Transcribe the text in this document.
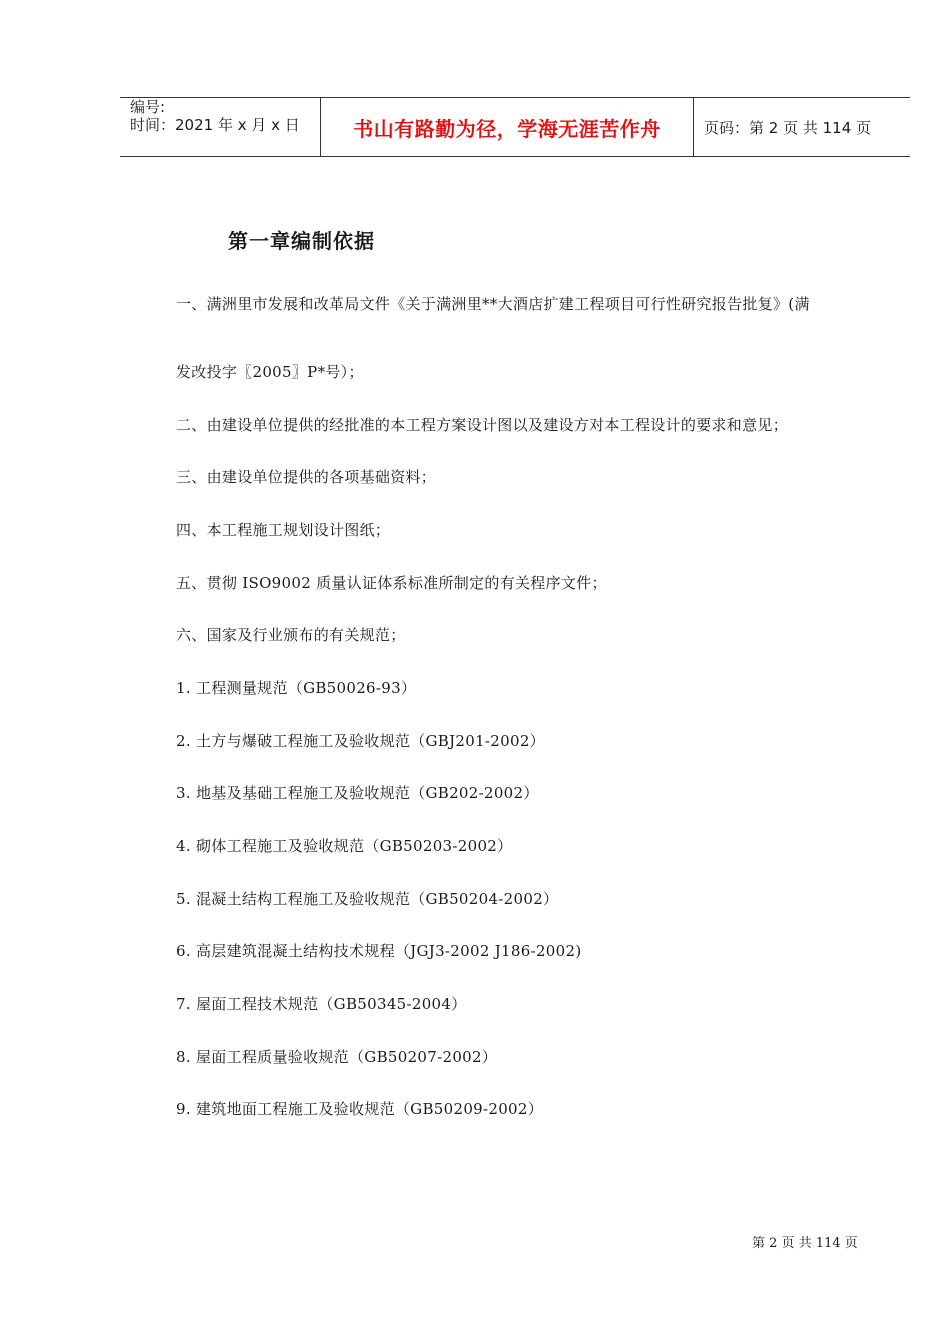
编号:
时间：2021 年 x 月 x 日	书山有路勤为径，学海无涯苦作舟	页码：第 2 页 共 114 页
第一章编制依据
一、满洲里市发展和改革局文件《关于满洲里**大酒店扩建工程项目可行性研究报告批复》(满
发改投字〖2005〗P*号）；
二、由建设单位提供的经批准的本工程方案设计图以及建设方对本工程设计的要求和意见；
三、由建设单位提供的各项基础资料；
四、本工程施工规划设计图纸；
五、贯彻 ISO9002 质量认证体系标准所制定的有关程序文件；
六、国家及行业颁布的有关规范；
1. 工程测量规范（GB50026-93）
2. 土方与爆破工程施工及验收规范（GBJ201-2002）
3. 地基及基础工程施工及验收规范（GB202-2002）
4. 砌体工程施工及验收规范（GB50203-2002）
5. 混凝土结构工程施工及验收规范（GB50204-2002）
6. 高层建筑混凝土结构技术规程（JGJ3-2002 J186-2002)
7. 屋面工程技术规范（GB50345-2004）
8. 屋面工程质量验收规范（GB50207-2002）
9. 建筑地面工程施工及验收规范（GB50209-2002）
第 2 页 共 114 页
